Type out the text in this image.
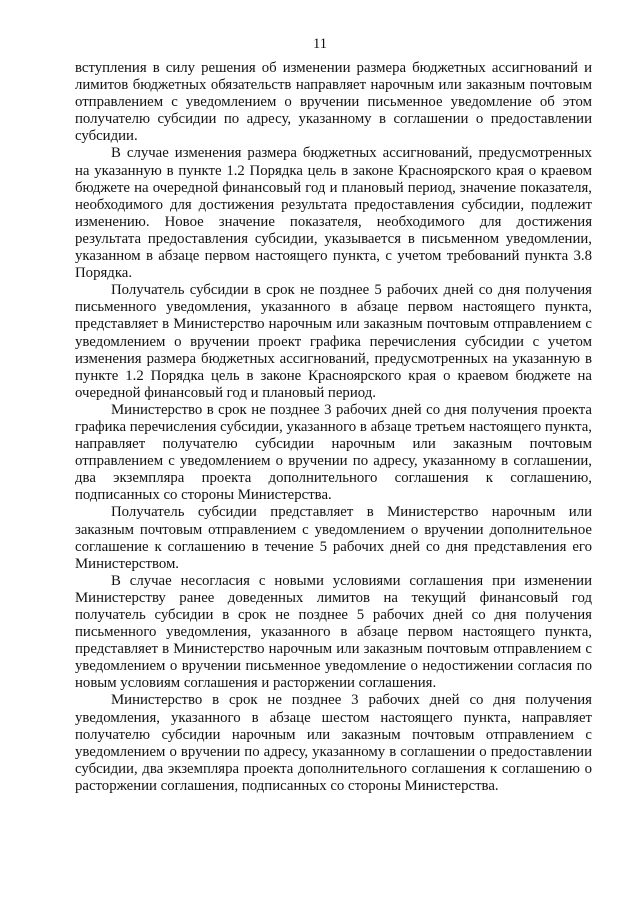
11

вступления в силу решения об изменении размера бюджетных ассигнований и лимитов бюджетных обязательств направляет нарочным или заказным почтовым отправлением с уведомлением о вручении письменное уведомление об этом получателю субсидии по адресу, указанному в соглашении о предоставлении субсидии.

В случае изменения размера бюджетных ассигнований, предусмотренных на указанную в пункте 1.2 Порядка цель в законе Красноярского края о краевом бюджете на очередной финансовый год и плановый период, значение показателя, необходимого для достижения результата предоставления субсидии, подлежит изменению. Новое значение показателя, необходимого для достижения результата предоставления субсидии, указывается в письменном уведомлении, указанном в абзаце первом настоящего пункта, с учетом требований пункта 3.8 Порядка.

Получатель субсидии в срок не позднее 5 рабочих дней со дня получения письменного уведомления, указанного в абзаце первом настоящего пункта, представляет в Министерство нарочным или заказным почтовым отправлением с уведомлением о вручении проект графика перечисления субсидии с учетом изменения размера бюджетных ассигнований, предусмотренных на указанную в пункте 1.2 Порядка цель в законе Красноярского края о краевом бюджете на очередной финансовый год и плановый период.

Министерство в срок не позднее 3 рабочих дней со дня получения проекта графика перечисления субсидии, указанного в абзаце третьем настоящего пункта, направляет получателю субсидии нарочным или заказным почтовым отправлением с уведомлением о вручении по адресу, указанному в соглашении, два экземпляра проекта дополнительного соглашения к соглашению, подписанных со стороны Министерства.

Получатель субсидии представляет в Министерство нарочным или заказным почтовым отправлением с уведомлением о вручении дополнительное соглашение к соглашению в течение 5 рабочих дней со дня представления его Министерством.

В случае несогласия с новыми условиями соглашения при изменении Министерству ранее доведенных лимитов на текущий финансовый год получатель субсидии в срок не позднее 5 рабочих дней со дня получения письменного уведомления, указанного в абзаце первом настоящего пункта, представляет в Министерство нарочным или заказным почтовым отправлением с уведомлением о вручении письменное уведомление о недостижении согласия по новым условиям соглашения и расторжении соглашения.

Министерство в срок не позднее 3 рабочих дней со дня получения уведомления, указанного в абзаце шестом настоящего пункта, направляет получателю субсидии нарочным или заказным почтовым отправлением с уведомлением о вручении по адресу, указанному в соглашении о предоставлении субсидии, два экземпляра проекта дополнительного соглашения к соглашению о расторжении соглашения, подписанных со стороны Министерства.
